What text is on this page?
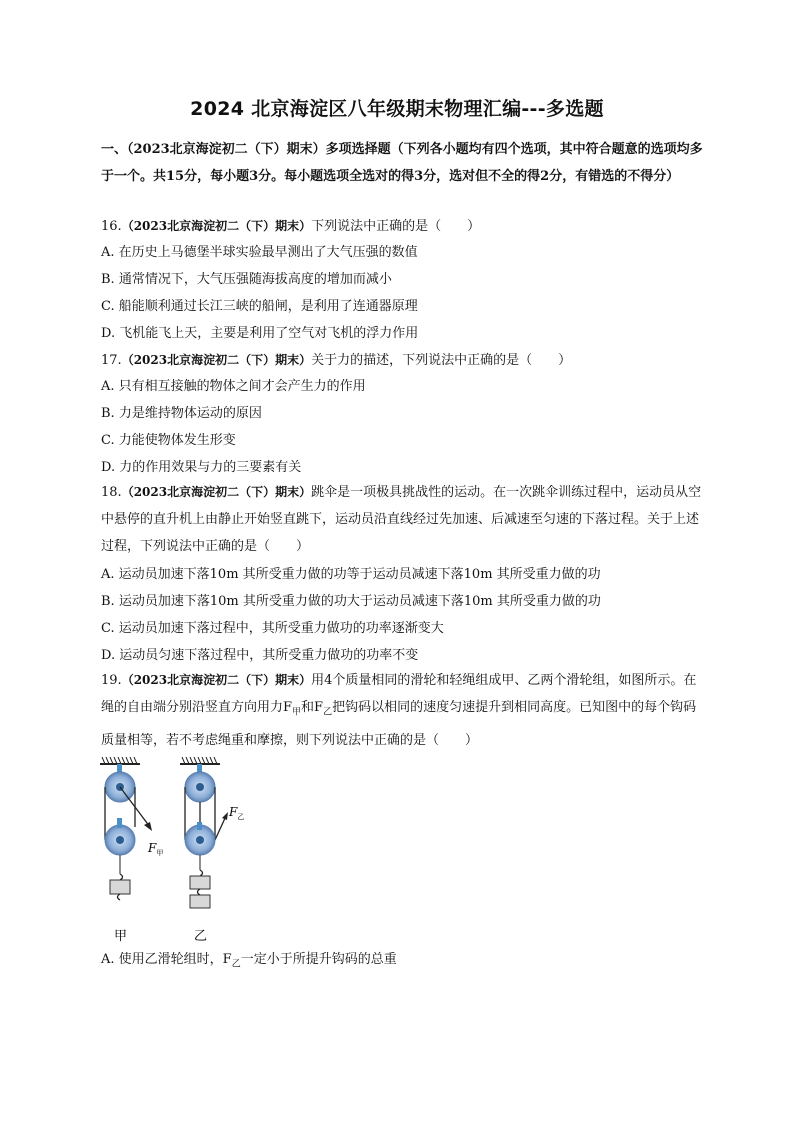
2024 北京海淀区八年级期末物理汇编---多选题
一、（2023北京海淀初二（下）期末）多项选择题（下列各小题均有四个选项，其中符合题意的选项均多于一个。共15分，每小题3分。每小题选项全选对的得3分，选对但不全的得2分，有错选的不得分）
16.（2023北京海淀初二（下）期末）下列说法中正确的是（　　）
A. 在历史上马德堡半球实验最早测出了大气压强的数值
B. 通常情况下，大气压强随海拔高度的增加而减小
C. 船能顺利通过长江三峡的船闸，是利用了连通器原理
D. 飞机能飞上天，主要是利用了空气对飞机的浮力作用
17.（2023北京海淀初二（下）期末）关于力的描述，下列说法中正确的是（　　）
A. 只有相互接触的物体之间才会产生力的作用
B. 力是维持物体运动的原因
C. 力能使物体发生形变
D. 力的作用效果与力的三要素有关
18.（2023北京海淀初二（下）期末）跳伞是一项极具挑战性的运动。在一次跳伞训练过程中，运动员从空中悬停的直升机上由静止开始竖直跳下，运动员沿直线经过先加速、后减速至匀速的下落过程。关于上述过程，下列说法中正确的是（　　）
A. 运动员加速下落10m 其所受重力做的功等于运动员减速下落10m 其所受重力做的功
B. 运动员加速下落10m 其所受重力做的功大于运动员减速下落10m 其所受重力做的功
C. 运动员加速下落过程中，其所受重力做功的功率逐渐变大
D. 运动员匀速下落过程中，其所受重力做功的功率不变
19.（2023北京海淀初二（下）期末）用4个质量相同的滑轮和轻绳组成甲、乙两个滑轮组，如图所示。在绳的自由端分别沿竖直方向用力$F_甲$和$F_乙$把钩码以相同的速度匀速提升到相同高度。已知图中的每个钩码质量相等，若不考虑绳重和摩擦，则下列说法中正确的是（　　）
$F_甲$
$F_乙$
甲	乙
A. 使用乙滑轮组时，$F_乙$一定小于所提升钩码的总重
